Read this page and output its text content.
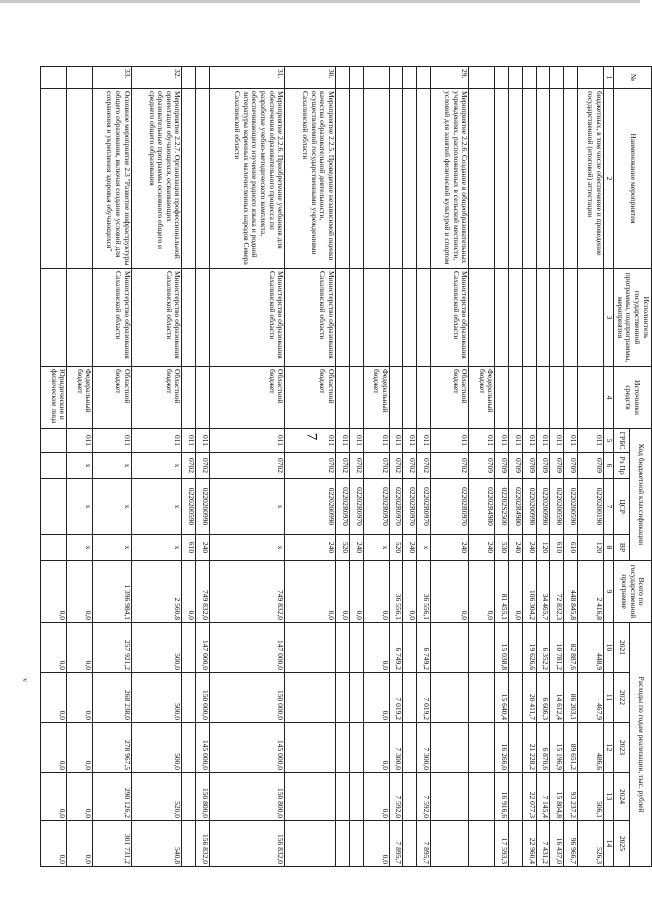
7
ᵥ
№	Наименование мероприятия	Исполнитель государственной программы, подпрограммы, мероприятия	Источники средств	Код бюджетной классификации				Всего по государственной программе	Расходы по годам реализации, тыс. рублей				
				ГРБС	Рз Пр	ЦСР	ВР		2021	2022	2023	2024	2025

1	2	3	4	5	6	7	8	9	10	11	12	13	14
	бюджетных, в том числе обеспечение и проведение государственной (итоговой) аттестации			011	0709	0220200190	120	2 416,8	448,9	467,9	486,6	506,1	526,3
				011	0709	0220200590	610	448 845,8	82 887,6	86 203,1	89 651,2	93 237,2	96 966,7
				011	0709	0220200590	610	72 832,3	10 781,2	14 612,4	15 196,9	15 804,8	16 437,0
				011	0709	0220200990	120	34 465,7	6 352,2	6 606,3	6 870,6	7 145,4	7 431,2
				011	0709	0220200990	240	106 304,2	19 626,6	20 411,7	21 228,2	22 077,3	22 960,4
				011	0709	02202R4980	240	0,0					
				011	0709	02202S2500	530	81 455,1	15 038,8	15 640,4	16 266,0	16 916,6	17 593,3
			Федеральный бюджет	011	0709	02202R4980	240	0,0					
29.	Мероприятие 2.2.6. Создание в общеобразовательных учреждениях, расположенных в сельской местности, условий для занятий физической культурой и спортом	Министерство образования Сахалинской области	Областной бюджет	011	0702	02202R0970	240	0,0					
				011	0702	02202R0970	x	36 556,1	6 749,2	7 019,2	7 300,0	7 592,0	7 895,7
				011	0702	02202R0970	240	0,0					
				011	0702	02202R0970	520	36 556,1	6 749,2	7 019,2	7 300,0	7 592,0	7 895,7
			Федеральный бюджет	011	0702	02202R0970	x	0,0	0,0	0,0	0,0	0,0	0,0
				011	0702	02202R0970	240	0,0					
				011	0702	02202R0970	520	0,0					
30.	Мероприятие 2.2.5. Проведение независимой оценки качества образовательной деятельности, осуществляемой государственными учреждениями Сахалинской области	Министерство образования Сахалинской области	Областной бюджет	011	0702	0220200990	240	0,0					
31.	Мероприятие 2.2.6. Приобретение учебников для обеспечения образовательного процесса по разработке учебно-методического комплекта, обеспечивающего изучение родного языка и родной литературы коренных малочисленных народов Севера Сахалинской области	Министерство образования Сахалинской области	Областной бюджет	011	0702	x	x	749 832,0	147 000,0	150 000,0	145 000,0	150 800,0	156 832,0
				011	0702	0220200990	240	749 832,0	147 000,0	150 000,0	145 000,0	150 800,0	156 832,0
				011	0702	0220200590	610	0,0					
32.	Мероприятие 2.2.7. Организация профессиональной ориентации обучающихся, осваивающих образовательные программы основного общего и среднего общего образования	Министерство образования Сахалинской области	Областной бюджет	011	x	x	x	2 560,8	500,0	500,0	500,0	520,0	540,8
33.	Основное мероприятие 2.3 "Развитие инфраструктуры общего образования, включая создание условий для сохранения и укрепления здоровья обучающихся"	Министерство образования Сахалинской области	Областной бюджет	011	x	x	x	1 396 984,1	257 921,2	268 238,0	278 967,5	290 126,2	301 731,2
			Федеральный бюджет	011	x	x	x	0,0	0,0	0,0	0,0	0,0	0,0
			Юридические и физические лица					0,0	0,0	0,0	0,0	0,0	0,0
